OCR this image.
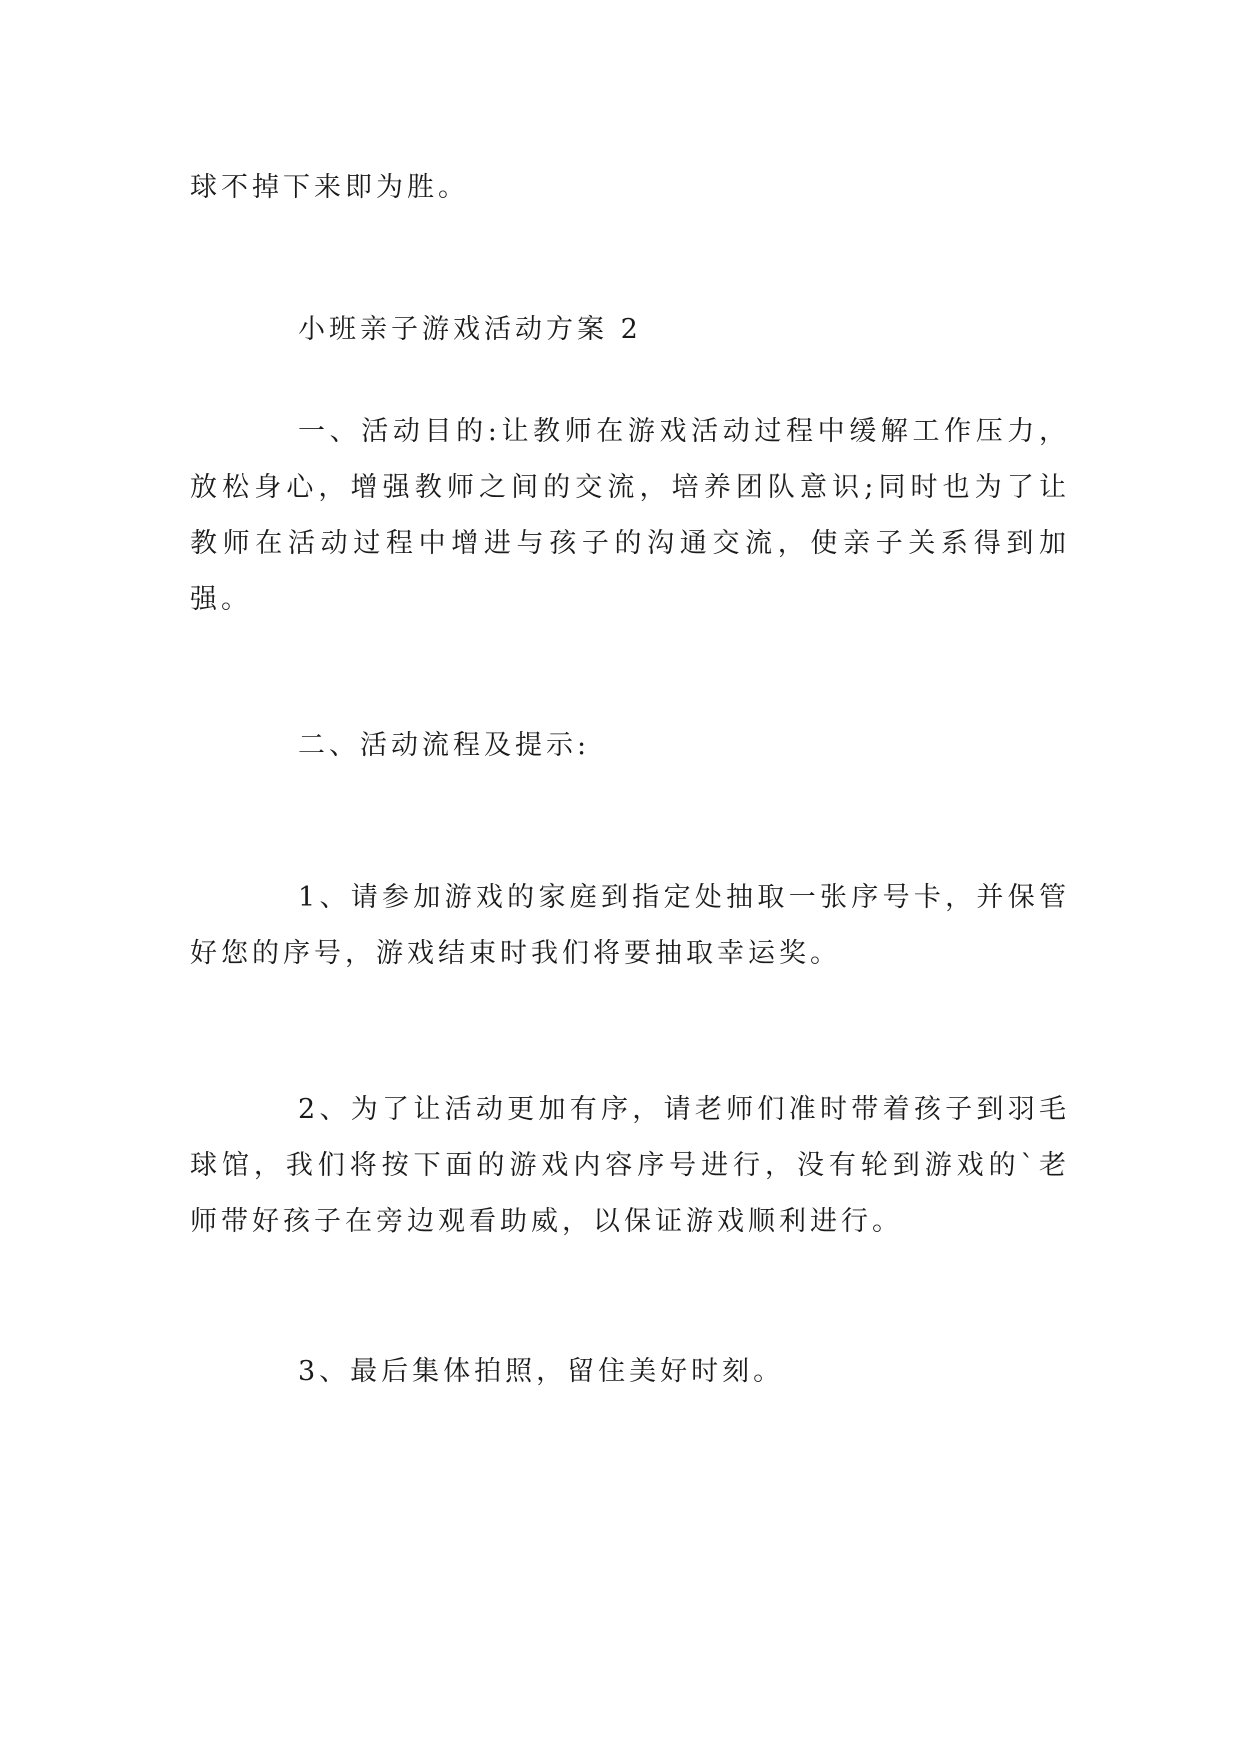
球不掉下来即为胜。

小班亲子游戏活动方案 2

一、活动目的:让教师在游戏活动过程中缓解工作压力，放松身心，增强教师之间的交流，培养团队意识;同时也为了让教师在活动过程中增进与孩子的沟通交流，使亲子关系得到加强。

二、活动流程及提示:

1、请参加游戏的家庭到指定处抽取一张序号卡，并保管好您的序号，游戏结束时我们将要抽取幸运奖。

2、为了让活动更加有序，请老师们准时带着孩子到羽毛球馆，我们将按下面的游戏内容序号进行，没有轮到游戏的`老师带好孩子在旁边观看助威，以保证游戏顺利进行。

3、最后集体拍照，留住美好时刻。
